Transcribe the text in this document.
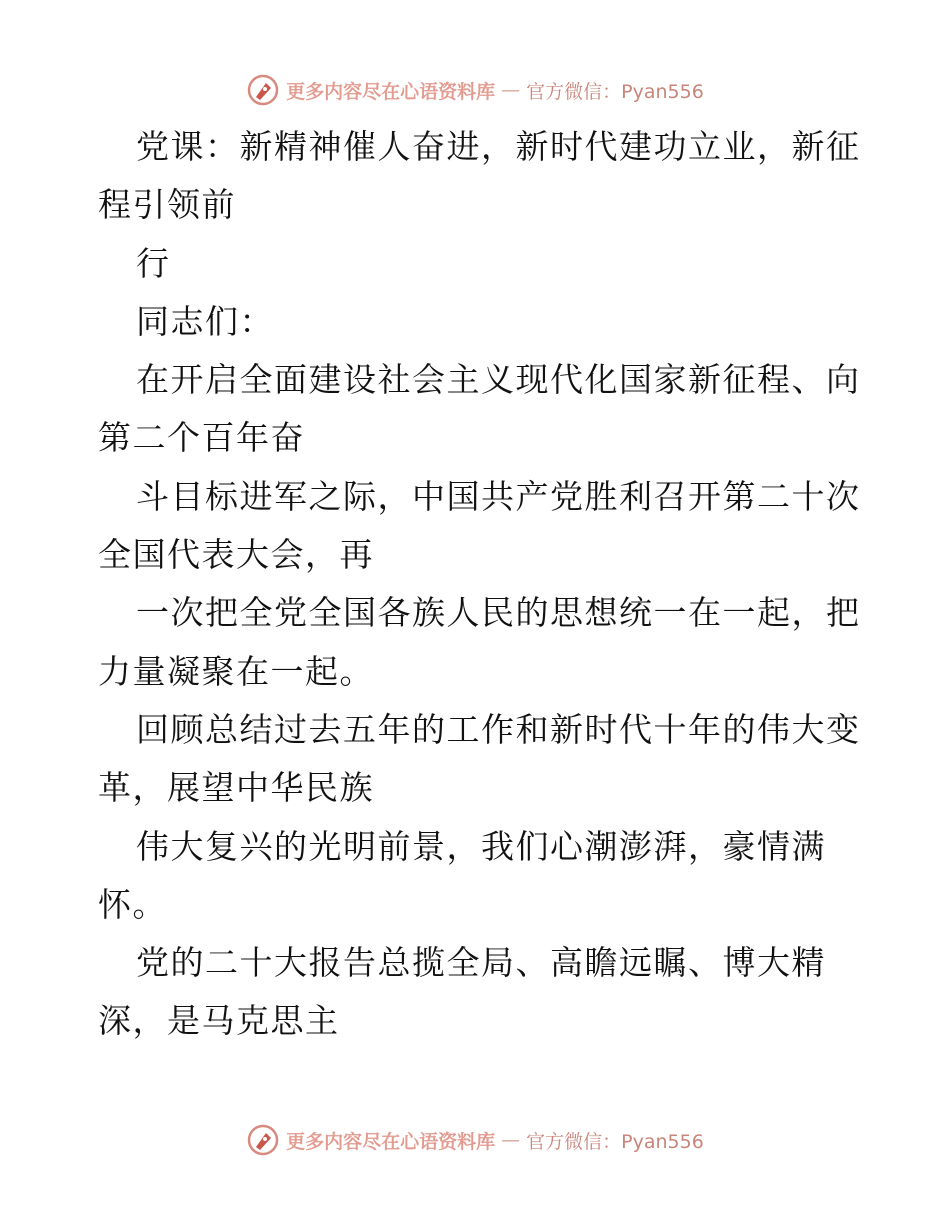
更多内容尽在心语资料库 — 官方微信：Pyan556
党课：新精神催人奋进，新时代建功立业，新征
程引领前
行
同志们：
在开启全面建设社会主义现代化国家新征程、向
第二个百年奋
斗目标进军之际，中国共产党胜利召开第二十次
全国代表大会，再
一次把全党全国各族人民的思想统一在一起，把
力量凝聚在一起。
回顾总结过去五年的工作和新时代十年的伟大变
革，展望中华民族
伟大复兴的光明前景，我们心潮澎湃，豪情满
怀。
党的二十大报告总揽全局、高瞻远瞩、博大精
深，是马克思主
更多内容尽在心语资料库 — 官方微信：Pyan556
